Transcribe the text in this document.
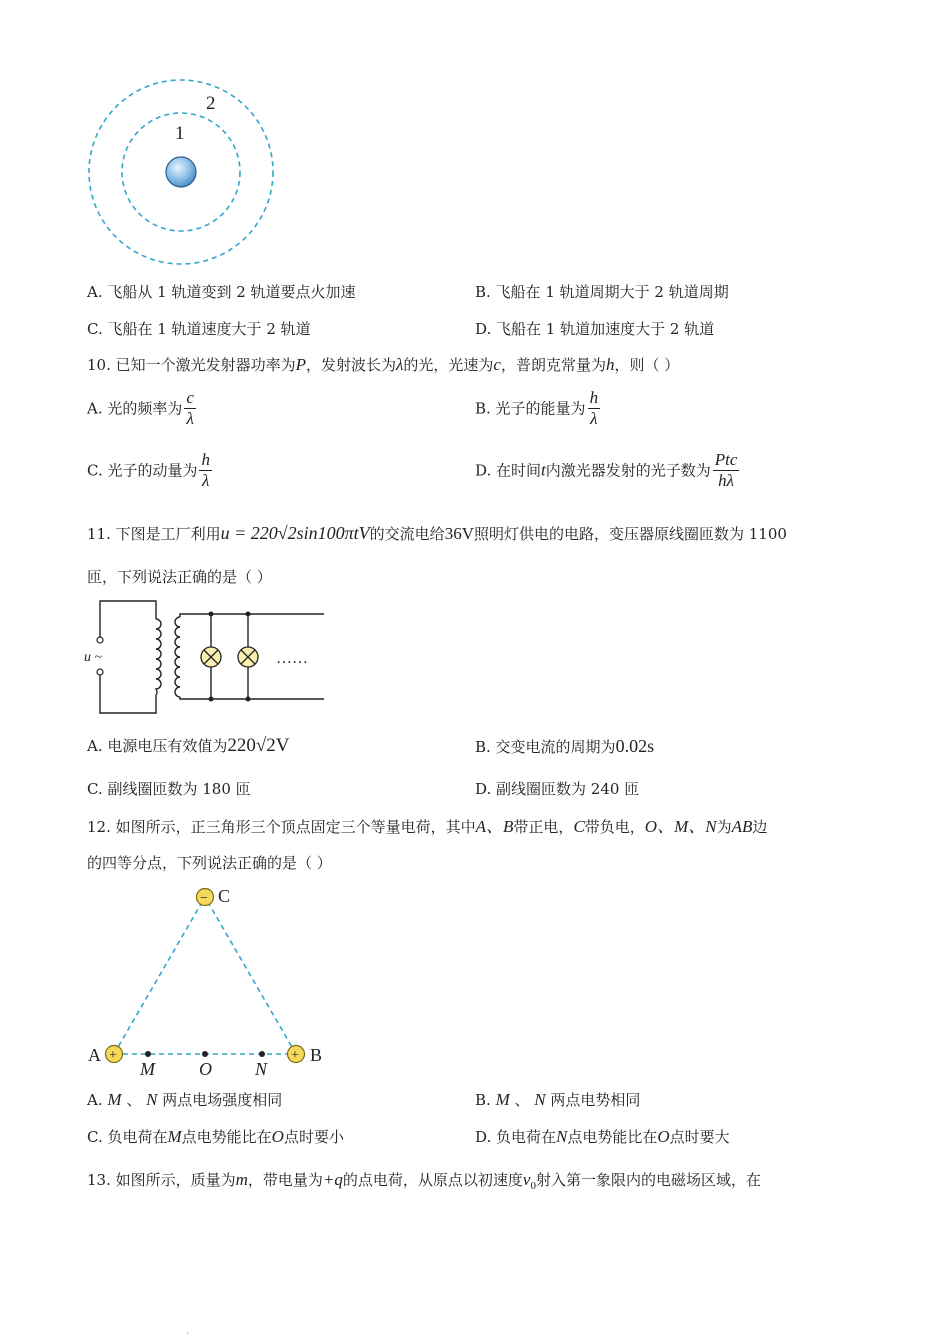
1
2
A. 飞船从 1 轨道变到 2 轨道要点火加速	B. 飞船在 1 轨道周期大于 2 轨道周期
C. 飞船在 1 轨道速度大于 2 轨道	D. 飞船在 1 轨道加速度大于 2 轨道
10. 已知一个激光发射器功率为P，发射波长为λ的光，光速为c，普朗克常量为h，则（ ）
A. 光的频率为 $\frac{c}{\lambda}$	B. 光子的能量为 $\frac{h}{\lambda}$
C. 光子的动量为 $\frac{h}{\lambda}$	D. 在时间t内激光器发射的光子数为 $\frac{\text{Ptc}}{h\lambda}$
11. 下图是工厂利用u = 220√2sin100πtV的交流电给36V照明灯供电的电路，变压器原线圈匝数为 1100
匝，下列说法正确的是（ ）
u ~	……
A. 电源电压有效值为220√2V	B. 交变电流的周期为0.02s
C. 副线圈匝数为 180 匝	D. 副线圈匝数为 240 匝
12. 如图所示，正三角形三个顶点固定三个等量电荷，其中A、B带正电，C带负电，O、M、N为AB边
的四等分点，下列说法正确的是（ ）
−
+	+
C
A	B
M O N
A. M 、 N 两点电场强度相同	B. M 、 N 两点电势相同
C. 负电荷在M点电势能比在O点时要小	D. 负电荷在N点电势能比在O点时要大
13. 如图所示，质量为m，带电量为+q的点电荷，从原点以初速度$v_0$射入第一象限内的电磁场区域，在
.
